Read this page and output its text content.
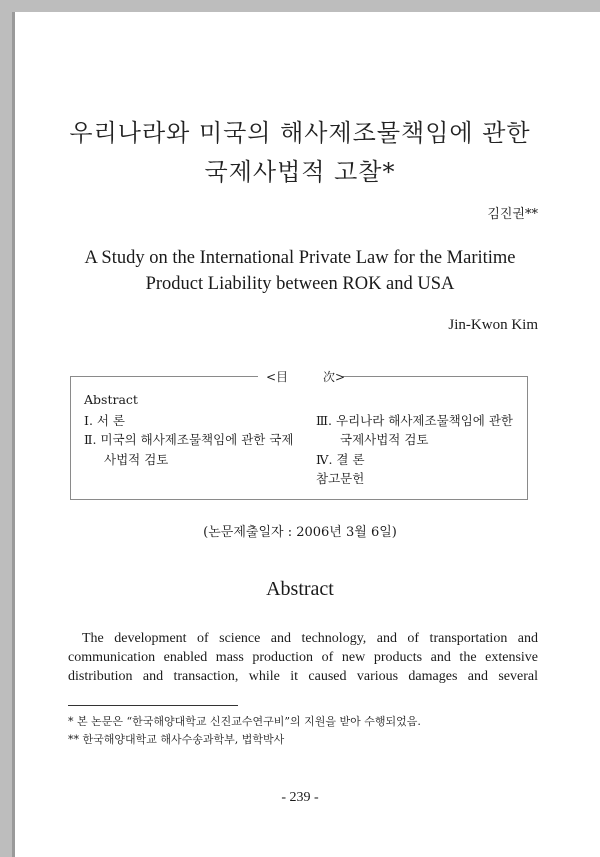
우리나라와 미국의 해사제조물책임에 관한
국제사법적 고찰*
김진권**
A Study on the International Private Law for the Maritime
Product Liability between ROK and USA
Jin-Kwon Kim
<目	次>
Abstract
Ⅰ. 서 론
Ⅱ. 미국의 해사제조물책임에 관한 국제
사법적 검토
Ⅲ. 우리나라 해사제조물책임에 관한
국제사법적 검토
Ⅳ. 결 론
참고문헌
(논문제출일자 : 2006년 3월 6일)
Abstract
The development of science and technology, and of transportation and
communication enabled mass production of new products and the extensive
distribution and transaction, while it caused various damages and several
* 본 논문은 “한국해양대학교 신진교수연구비”의 지원을 받아 수행되었음.
** 한국해양대학교 해사수송과학부, 법학박사
- 239 -
